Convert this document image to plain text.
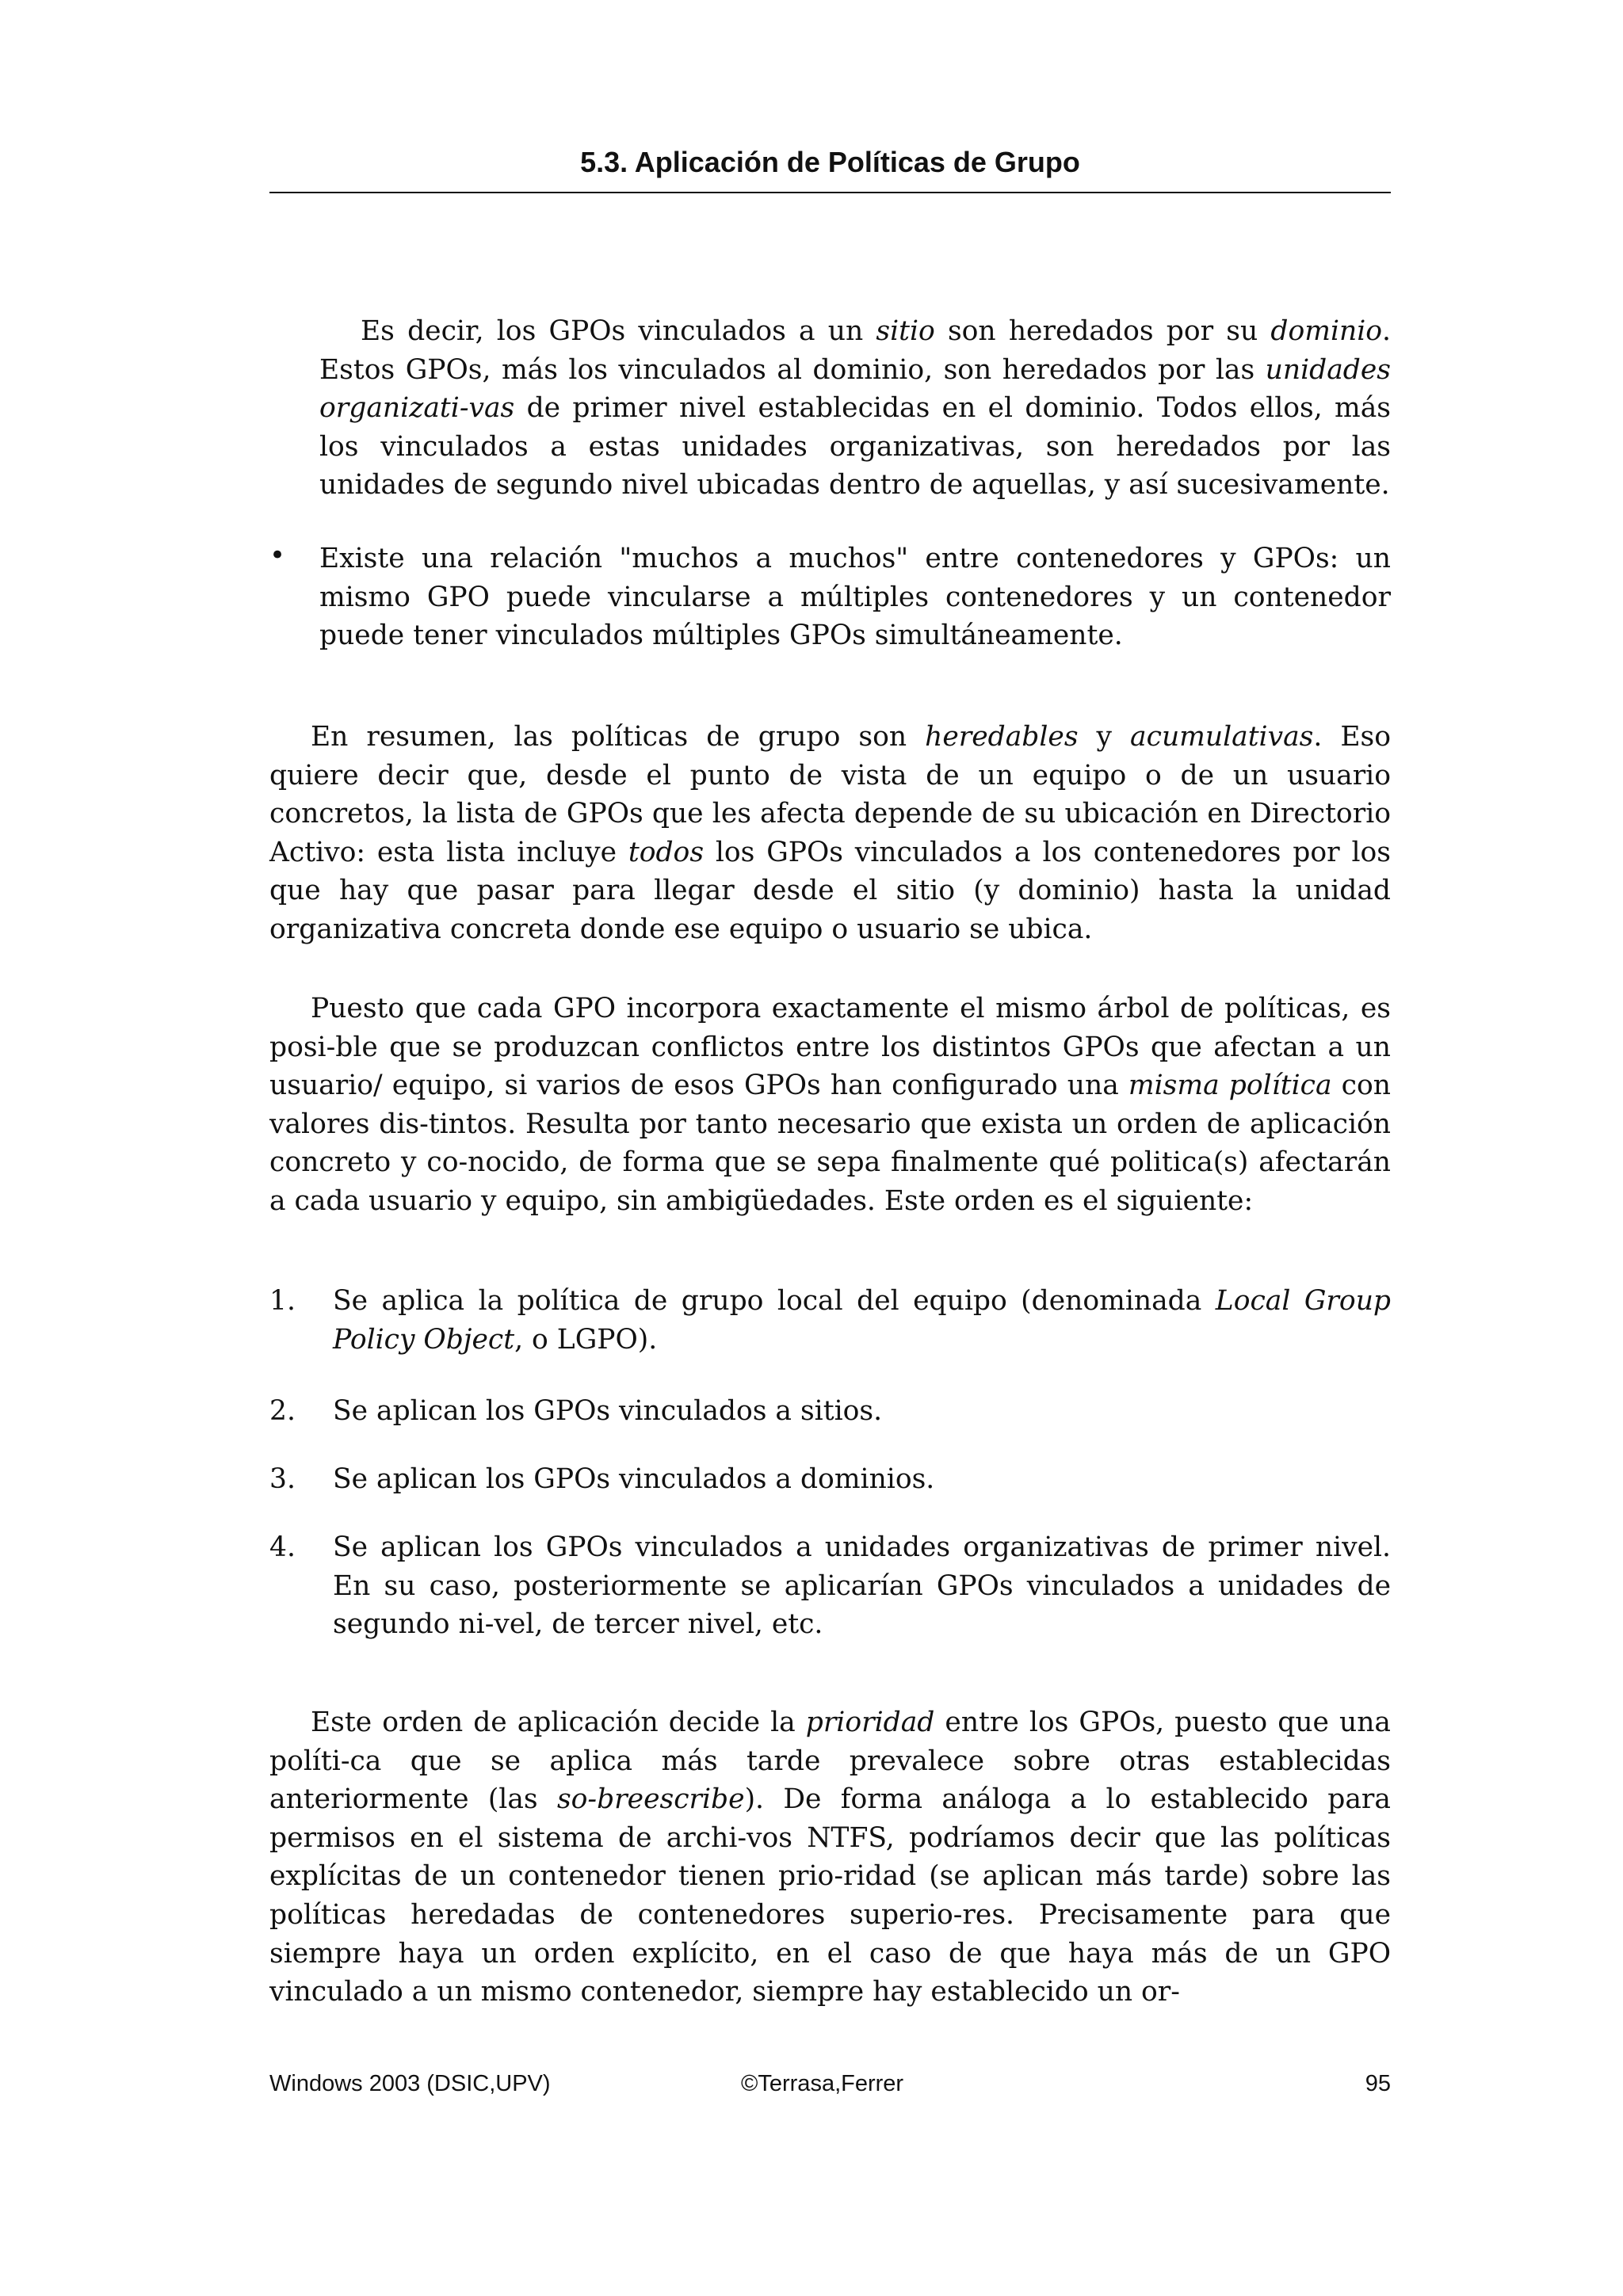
5.3. Aplicación de Políticas de Grupo

Es decir, los GPOs vinculados a un sitio son heredados por su dominio. Estos GPOs, más los vinculados al dominio, son heredados por las unidades organizati-vas de primer nivel establecidas en el dominio. Todos ellos, más los vinculados a estas unidades organizativas, son heredados por las unidades de segundo nivel ubicadas dentro de aquellas, y así sucesivamente.

• Existe una relación "muchos a muchos" entre contenedores y GPOs: un mismo GPO puede vincularse a múltiples contenedores y un contenedor puede tener vinculados múltiples GPOs simultáneamente.

En resumen, las políticas de grupo son heredables y acumulativas. Eso quiere decir que, desde el punto de vista de un equipo o de un usuario concretos, la lista de GPOs que les afecta depende de su ubicación en Directorio Activo: esta lista incluye todos los GPOs vinculados a los contenedores por los que hay que pasar para llegar desde el sitio (y dominio) hasta la unidad organizativa concreta donde ese equipo o usuario se ubica.

Puesto que cada GPO incorpora exactamente el mismo árbol de políticas, es posi-ble que se produzcan conflictos entre los distintos GPOs que afectan a un usuario/ equipo, si varios de esos GPOs han configurado una misma política con valores dis-tintos. Resulta por tanto necesario que exista un orden de aplicación concreto y co-nocido, de forma que se sepa finalmente qué politica(s) afectarán a cada usuario y equipo, sin ambigüedades. Este orden es el siguiente:

1. Se aplica la política de grupo local del equipo (denominada Local Group Policy Object, o LGPO).

2. Se aplican los GPOs vinculados a sitios.

3. Se aplican los GPOs vinculados a dominios.

4. Se aplican los GPOs vinculados a unidades organizativas de primer nivel. En su caso, posteriormente se aplicarían GPOs vinculados a unidades de segundo ni-vel, de tercer nivel, etc.

Este orden de aplicación decide la prioridad entre los GPOs, puesto que una políti-ca que se aplica más tarde prevalece sobre otras establecidas anteriormente (las so-breescribe). De forma análoga a lo establecido para permisos en el sistema de archi-vos NTFS, podríamos decir que las políticas explícitas de un contenedor tienen prio-ridad (se aplican más tarde) sobre las políticas heredadas de contenedores superio-res. Precisamente para que siempre haya un orden explícito, en el caso de que haya más de un GPO vinculado a un mismo contenedor, siempre hay establecido un or-

Windows 2003 (DSIC,UPV)	©Terrasa,Ferrer	95
